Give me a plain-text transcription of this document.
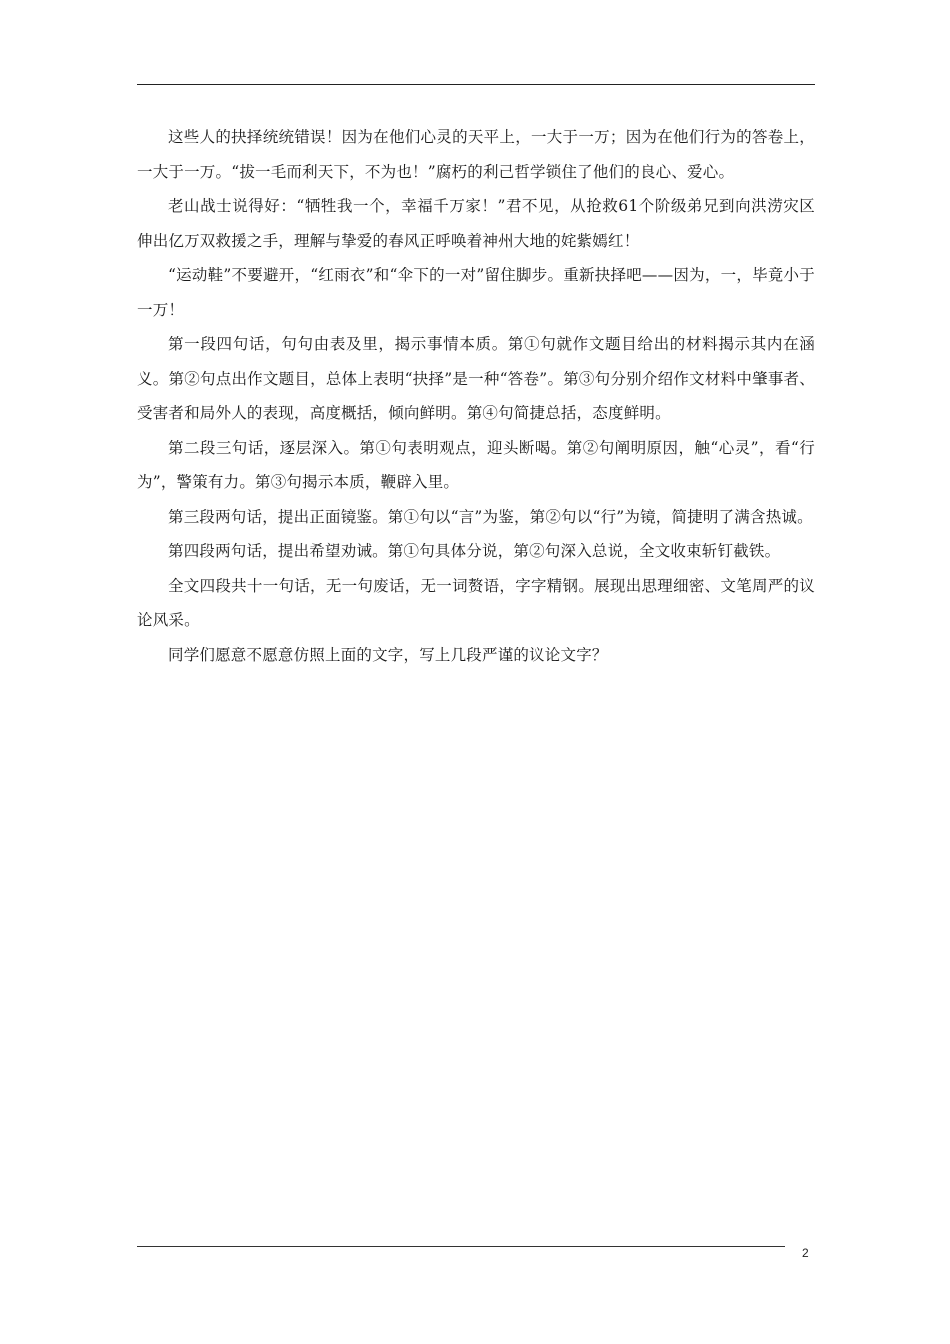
这些人的抉择统统错误！因为在他们心灵的天平上，一大于一万；因为在他们行为的答卷上，一大于一万。“拔一毛而利天下，不为也！”腐朽的利己哲学锁住了他们的良心、爱心。

老山战士说得好：“牺牲我一个，幸福千万家！”君不见，从抢救61个阶级弟兄到向洪涝灾区伸出亿万双救援之手，理解与挚爱的春风正呼唤着神州大地的姹紫嫣红！

“运动鞋”不要避开，“红雨衣”和“伞下的一对”留住脚步。重新抉择吧——因为，一，毕竟小于一万！

第一段四句话，句句由表及里，揭示事情本质。第①句就作文题目给出的材料揭示其内在涵义。第②句点出作文题目，总体上表明“抉择”是一种“答卷”。第③句分别介绍作文材料中肇事者、受害者和局外人的表现，高度概括，倾向鲜明。第④句简捷总括，态度鲜明。

第二段三句话，逐层深入。第①句表明观点，迎头断喝。第②句阐明原因，触“心灵”，看“行为”，警策有力。第③句揭示本质，鞭辟入里。

第三段两句话，提出正面镜鉴。第①句以“言”为鉴，第②句以“行”为镜，简捷明了满含热诚。

第四段两句话，提出希望劝诫。第①句具体分说，第②句深入总说，全文收束斩钉截铁。

全文四段共十一句话，无一句废话，无一词赘语，字字精钢。展现出思理细密、文笔周严的议论风采。

同学们愿意不愿意仿照上面的文字，写上几段严谨的议论文字？

2
